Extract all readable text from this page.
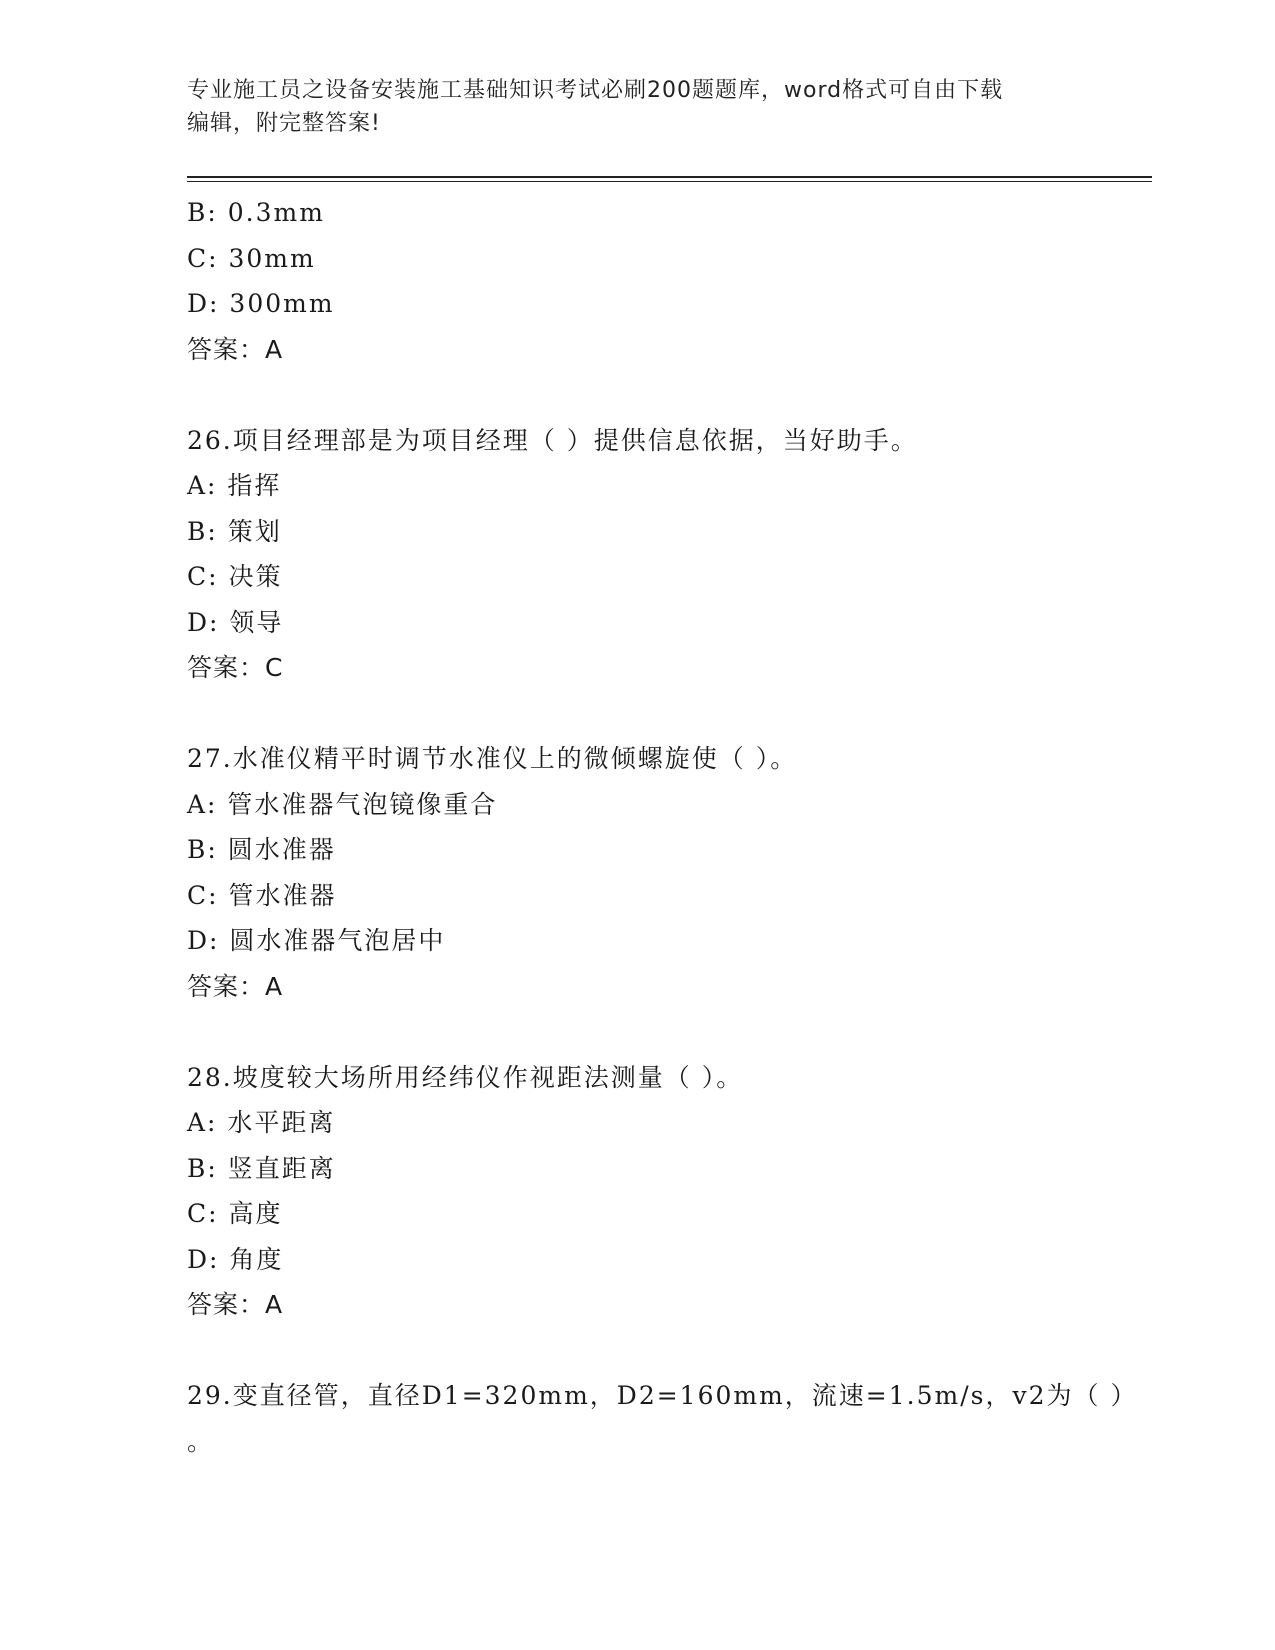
专业施工员之设备安装施工基础知识考试必刷200题题库，word格式可自由下载
编辑，附完整答案!
B: 0.3mm
C: 30mm
D: 300mm
答案：A
26.项目经理部是为项目经理（ ）提供信息依据，当好助手。
A: 指挥
B: 策划
C: 决策
D: 领导
答案：C
27.水准仪精平时调节水准仪上的微倾螺旋使（ ）。
A: 管水准器气泡镜像重合
B: 圆水准器
C: 管水准器
D: 圆水准器气泡居中
答案：A
28.坡度较大场所用经纬仪作视距法测量（ ）。
A: 水平距离
B: 竖直距离
C: 高度
D: 角度
答案：A
29.变直径管，直径D1=320mm，D2=160mm，流速=1.5m/s，v2为（ ）
。
